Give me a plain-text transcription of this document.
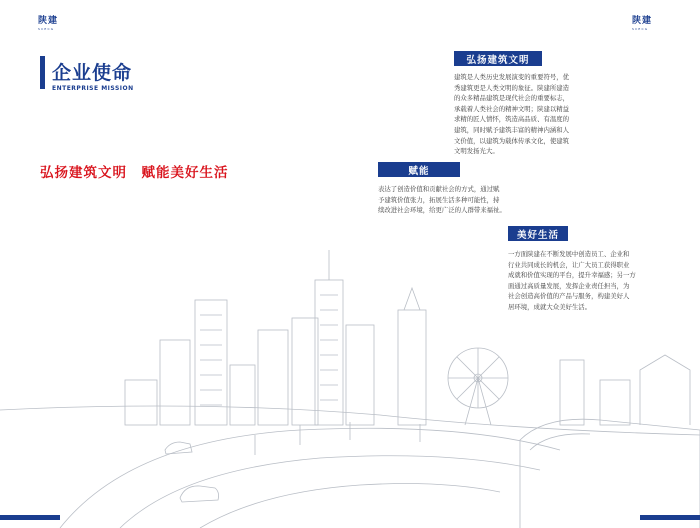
陕建
SCECG
陕建
SCECG
企业使命
ENTERPRISE MISSION
弘扬建筑文明　赋能美好生活
弘扬建筑文明
建筑是人类历史发展演变的重要符号，优
秀建筑更是人类文明的象征。陕建所建造
的众多精品建筑是现代社会的重要标志，
承载着人类社会的精神文明；陕建以精益
求精的匠人情怀，筑造高品质、有温度的
建筑，同时赋予建筑丰富的精神内涵和人
文价值，以建筑为载体传承文化，使建筑
文明发扬光大。
赋能
表达了创造价值和贡献社会的方式，通过赋
予建筑价值张力，拓展生活多种可能性，持
续改进社会环境，给更广泛的人群带来福祉。
美好生活
一方面陕建在不断发展中创造员工、企业和
行业共同成长的机会，让广大员工获得职业
成就和价值实现的平台，提升幸福感；另一方
面通过高质量发展，发挥企业责任担当，为
社会创造高价值的产品与服务，构建美好人
居环境，成就大众美好生活。
03	04
